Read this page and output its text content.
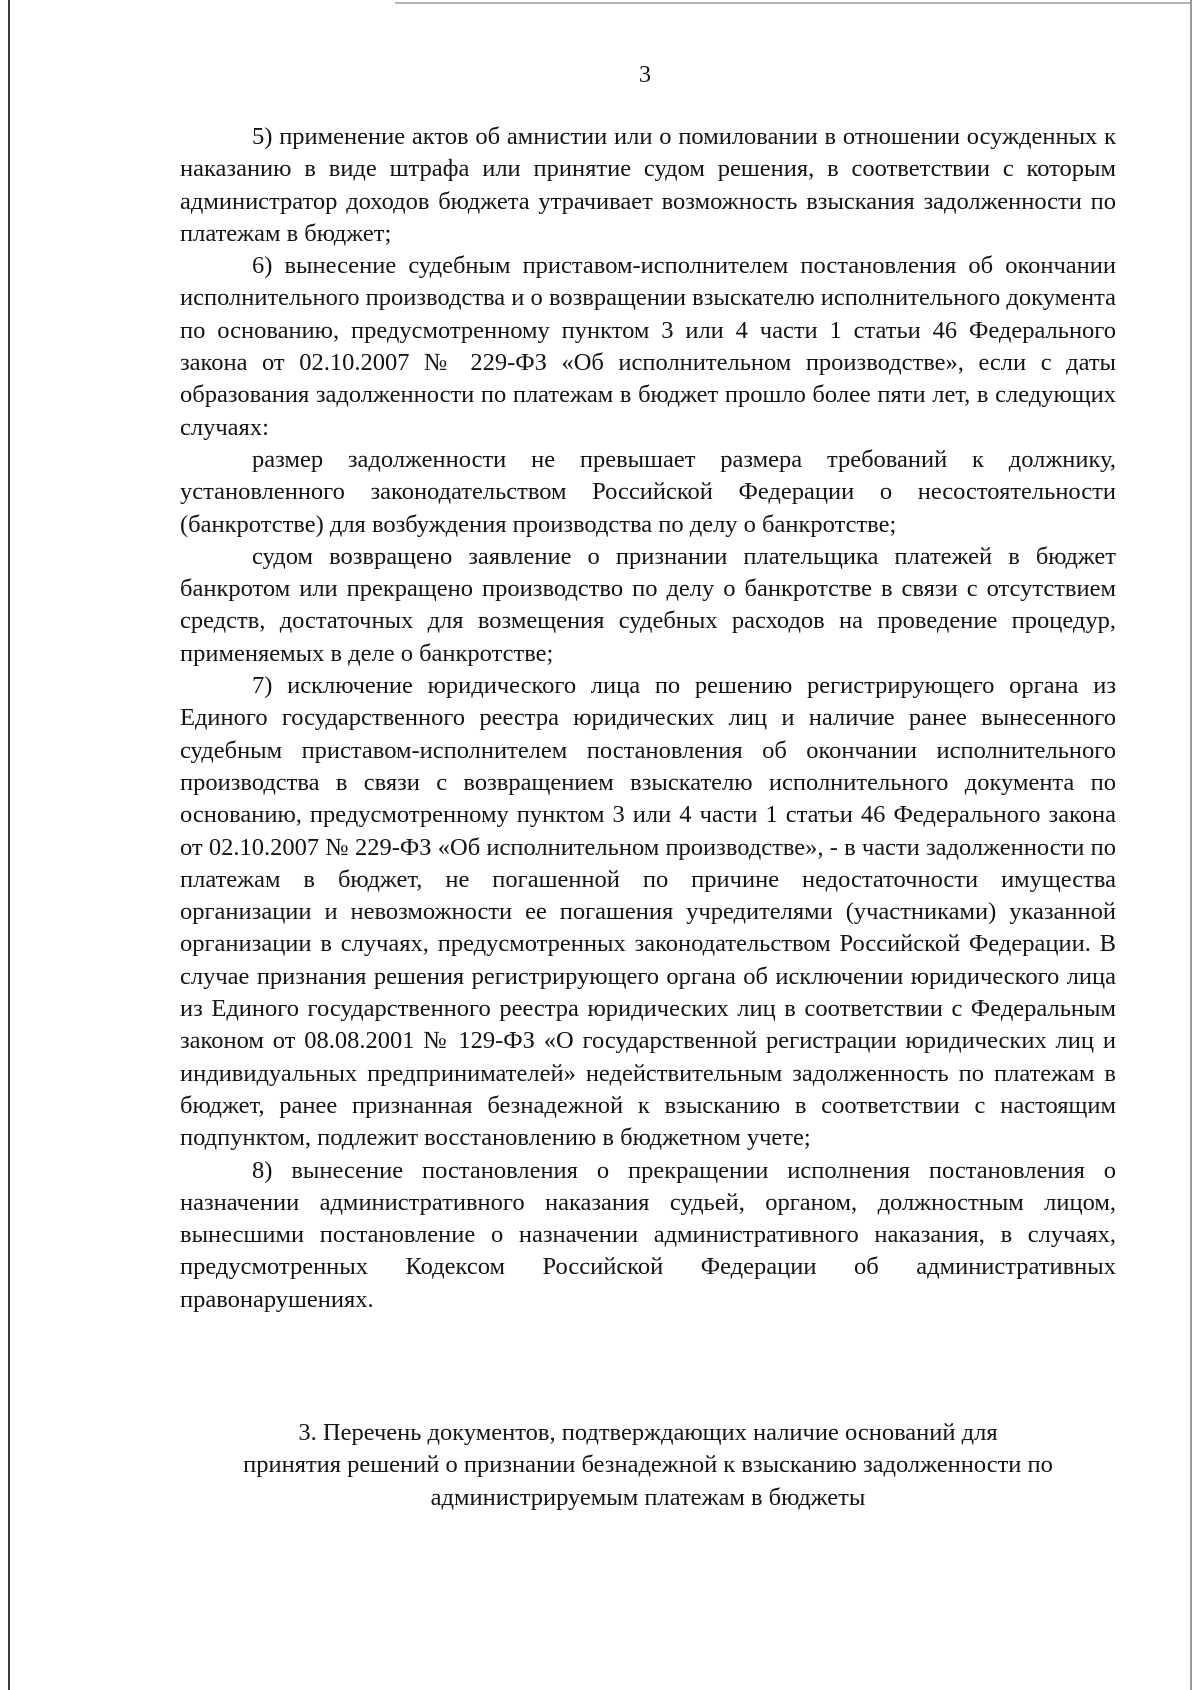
3

5) применение актов об амнистии или о помиловании в отношении осужденных к наказанию в виде штрафа или принятие судом решения, в соответствии с которым администратор доходов бюджета утрачивает возможность взыскания задолженности по платежам в бюджет;

6) вынесение судебным приставом-исполнителем постановления об окончании исполнительного производства и о возвращении взыскателю исполнительного документа по основанию, предусмотренному пунктом 3 или 4 части 1 статьи 46 Федерального закона от 02.10.2007 № 229-ФЗ «Об исполнительном производстве», если с даты образования задолженности по платежам в бюджет прошло более пяти лет, в следующих случаях:

размер задолженности не превышает размера требований к должнику, установленного законодательством Российской Федерации о несостоятельности (банкротстве) для возбуждения производства по делу о банкротстве;

судом возвращено заявление о признании плательщика платежей в бюджет банкротом или прекращено производство по делу о банкротстве в связи с отсутствием средств, достаточных для возмещения судебных расходов на проведение процедур, применяемых в деле о банкротстве;

7) исключение юридического лица по решению регистрирующего органа из Единого государственного реестра юридических лиц и наличие ранее вынесенного судебным приставом-исполнителем постановления об окончании исполнительного производства в связи с возвращением взыскателю исполнительного документа по основанию, предусмотренному пунктом 3 или 4 части 1 статьи 46 Федерального закона от 02.10.2007 № 229-ФЗ «Об исполнительном производстве», - в части задолженности по платежам в бюджет, не погашенной по причине недостаточности имущества организации и невозможности ее погашения учредителями (участниками) указанной организации в случаях, предусмотренных законодательством Российской Федерации. В случае признания решения регистрирующего органа об исключении юридического лица из Единого государственного реестра юридических лиц в соответствии с Федеральным законом от 08.08.2001 № 129-ФЗ «О государственной регистрации юридических лиц и индивидуальных предпринимателей» недействительным задолженность по платежам в бюджет, ранее признанная безнадежной к взысканию в соответствии с настоящим подпунктом, подлежит восстановлению в бюджетном учете;

8) вынесение постановления о прекращении исполнения постановления о назначении административного наказания судьей, органом, должностным лицом, вынесшими постановление о назначении административного наказания, в случаях, предусмотренных Кодексом Российской Федерации об административных правонарушениях.

3. Перечень документов, подтверждающих наличие оснований для
принятия решений о признании безнадежной к взысканию задолженности по
администрируемым платежам в бюджеты
